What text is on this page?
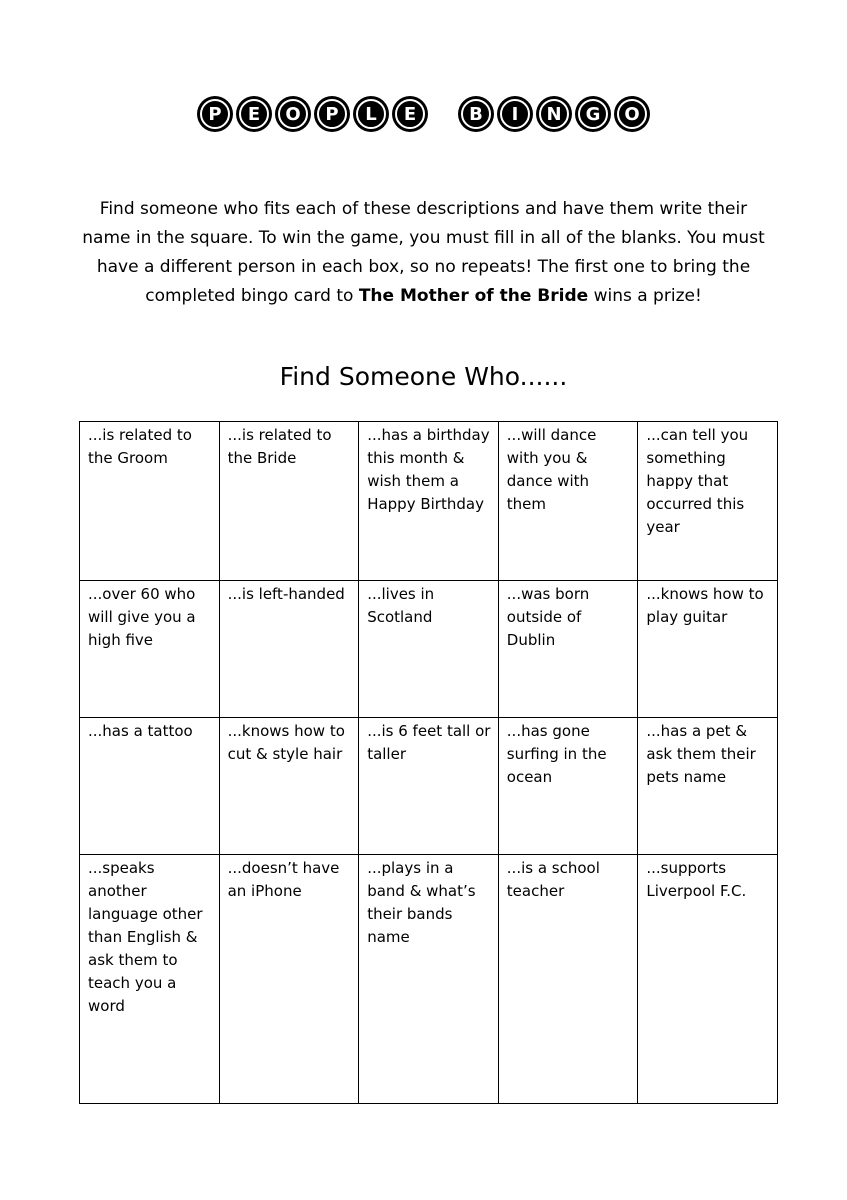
P E O P L E	B I N G O

Find someone who fits each of these descriptions and have them write their name in the square. To win the game, you must fill in all of the blanks. You must have a different person in each box, so no repeats! The first one to bring the completed bingo card to The Mother of the Bride wins a prize!

Find Someone Who......
...is related to the Groom	...is related to the Bride	...has a birthday this month & wish them a Happy Birthday	...will dance with you & dance with them	...can tell you something happy that occurred this year
...over 60 who will give you a high five	...is left-handed	...lives in Scotland	...was born outside of Dublin	...knows how to play guitar
...has a tattoo	...knows how to cut & style hair	...is 6 feet tall or taller	...has gone surfing in the ocean	...has a pet & ask them their pets name
...speaks another language other than English & ask them to teach you a word	...doesn’t have an iPhone	...plays in a band & what’s their bands name	...is a school teacher	...supports Liverpool F.C.
